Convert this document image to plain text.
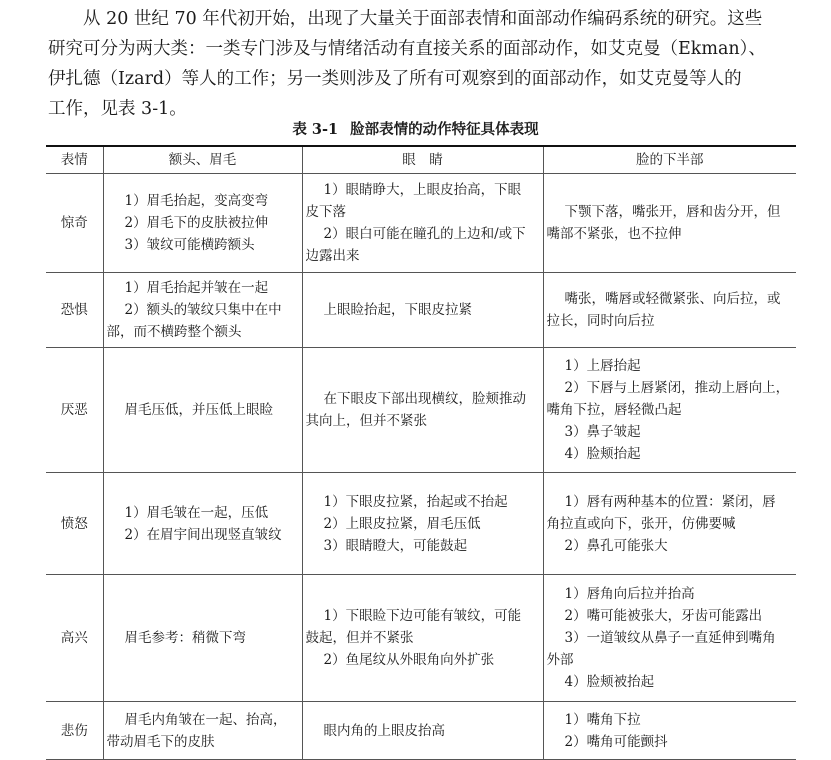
从 20 世纪 70 年代初开始，出现了大量关于面部表情和面部动作编码系统的研究。这些
研究可分为两大类：一类专门涉及与情绪活动有直接关系的面部动作，如艾克曼（Ekman）、
伊扎德（Izard）等人的工作；另一类则涉及了所有可观察到的面部动作，如艾克曼等人的
工作，见表 3-1。

表 3-1 脸部表情的动作特征具体表现

表情	额头、眉毛	眼　睛	脸的下半部
惊奇	1）眉毛抬起，变高变弯
2）眉毛下的皮肤被拉伸
3）皱纹可能横跨额头	1）眼睛睁大，上眼皮抬高，下眼
皮下落
2）眼白可能在瞳孔的上边和/或下
边露出来	下颚下落，嘴张开，唇和齿分开，但
嘴部不紧张，也不拉伸

恐惧	1）眉毛抬起并皱在一起
2）额头的皱纹只集中在中
部，而不横跨整个额头	上眼睑抬起，下眼皮拉紧	嘴张，嘴唇或轻微紧张、向后拉，或
拉长，同时向后拉

厌恶	眉毛压低，并压低上眼睑	在下眼皮下部出现横纹，脸颊推动
其向上，但并不紧张	1）上唇抬起
2）下唇与上唇紧闭，推动上唇向上，
嘴角下拉，唇轻微凸起
3）鼻子皱起
4）脸颊抬起

愤怒	1）眉毛皱在一起，压低
2）在眉宇间出现竖直皱纹	1）下眼皮拉紧，抬起或不抬起
2）上眼皮拉紧，眉毛压低
3）眼睛瞪大，可能鼓起	1）唇有两种基本的位置：紧闭，唇
角拉直或向下，张开，仿佛要喊
2）鼻孔可能张大

高兴	眉毛参考：稍微下弯	1）下眼睑下边可能有皱纹，可能
鼓起，但并不紧张
2）鱼尾纹从外眼角向外扩张	1）唇角向后拉并抬高
2）嘴可能被张大，牙齿可能露出
3）一道皱纹从鼻子一直延伸到嘴角
外部
4）脸颊被抬起

悲伤	眉毛内角皱在一起、抬高，
带动眉毛下的皮肤	眼内角的上眼皮抬高	1）嘴角下拉
2）嘴角可能颤抖
